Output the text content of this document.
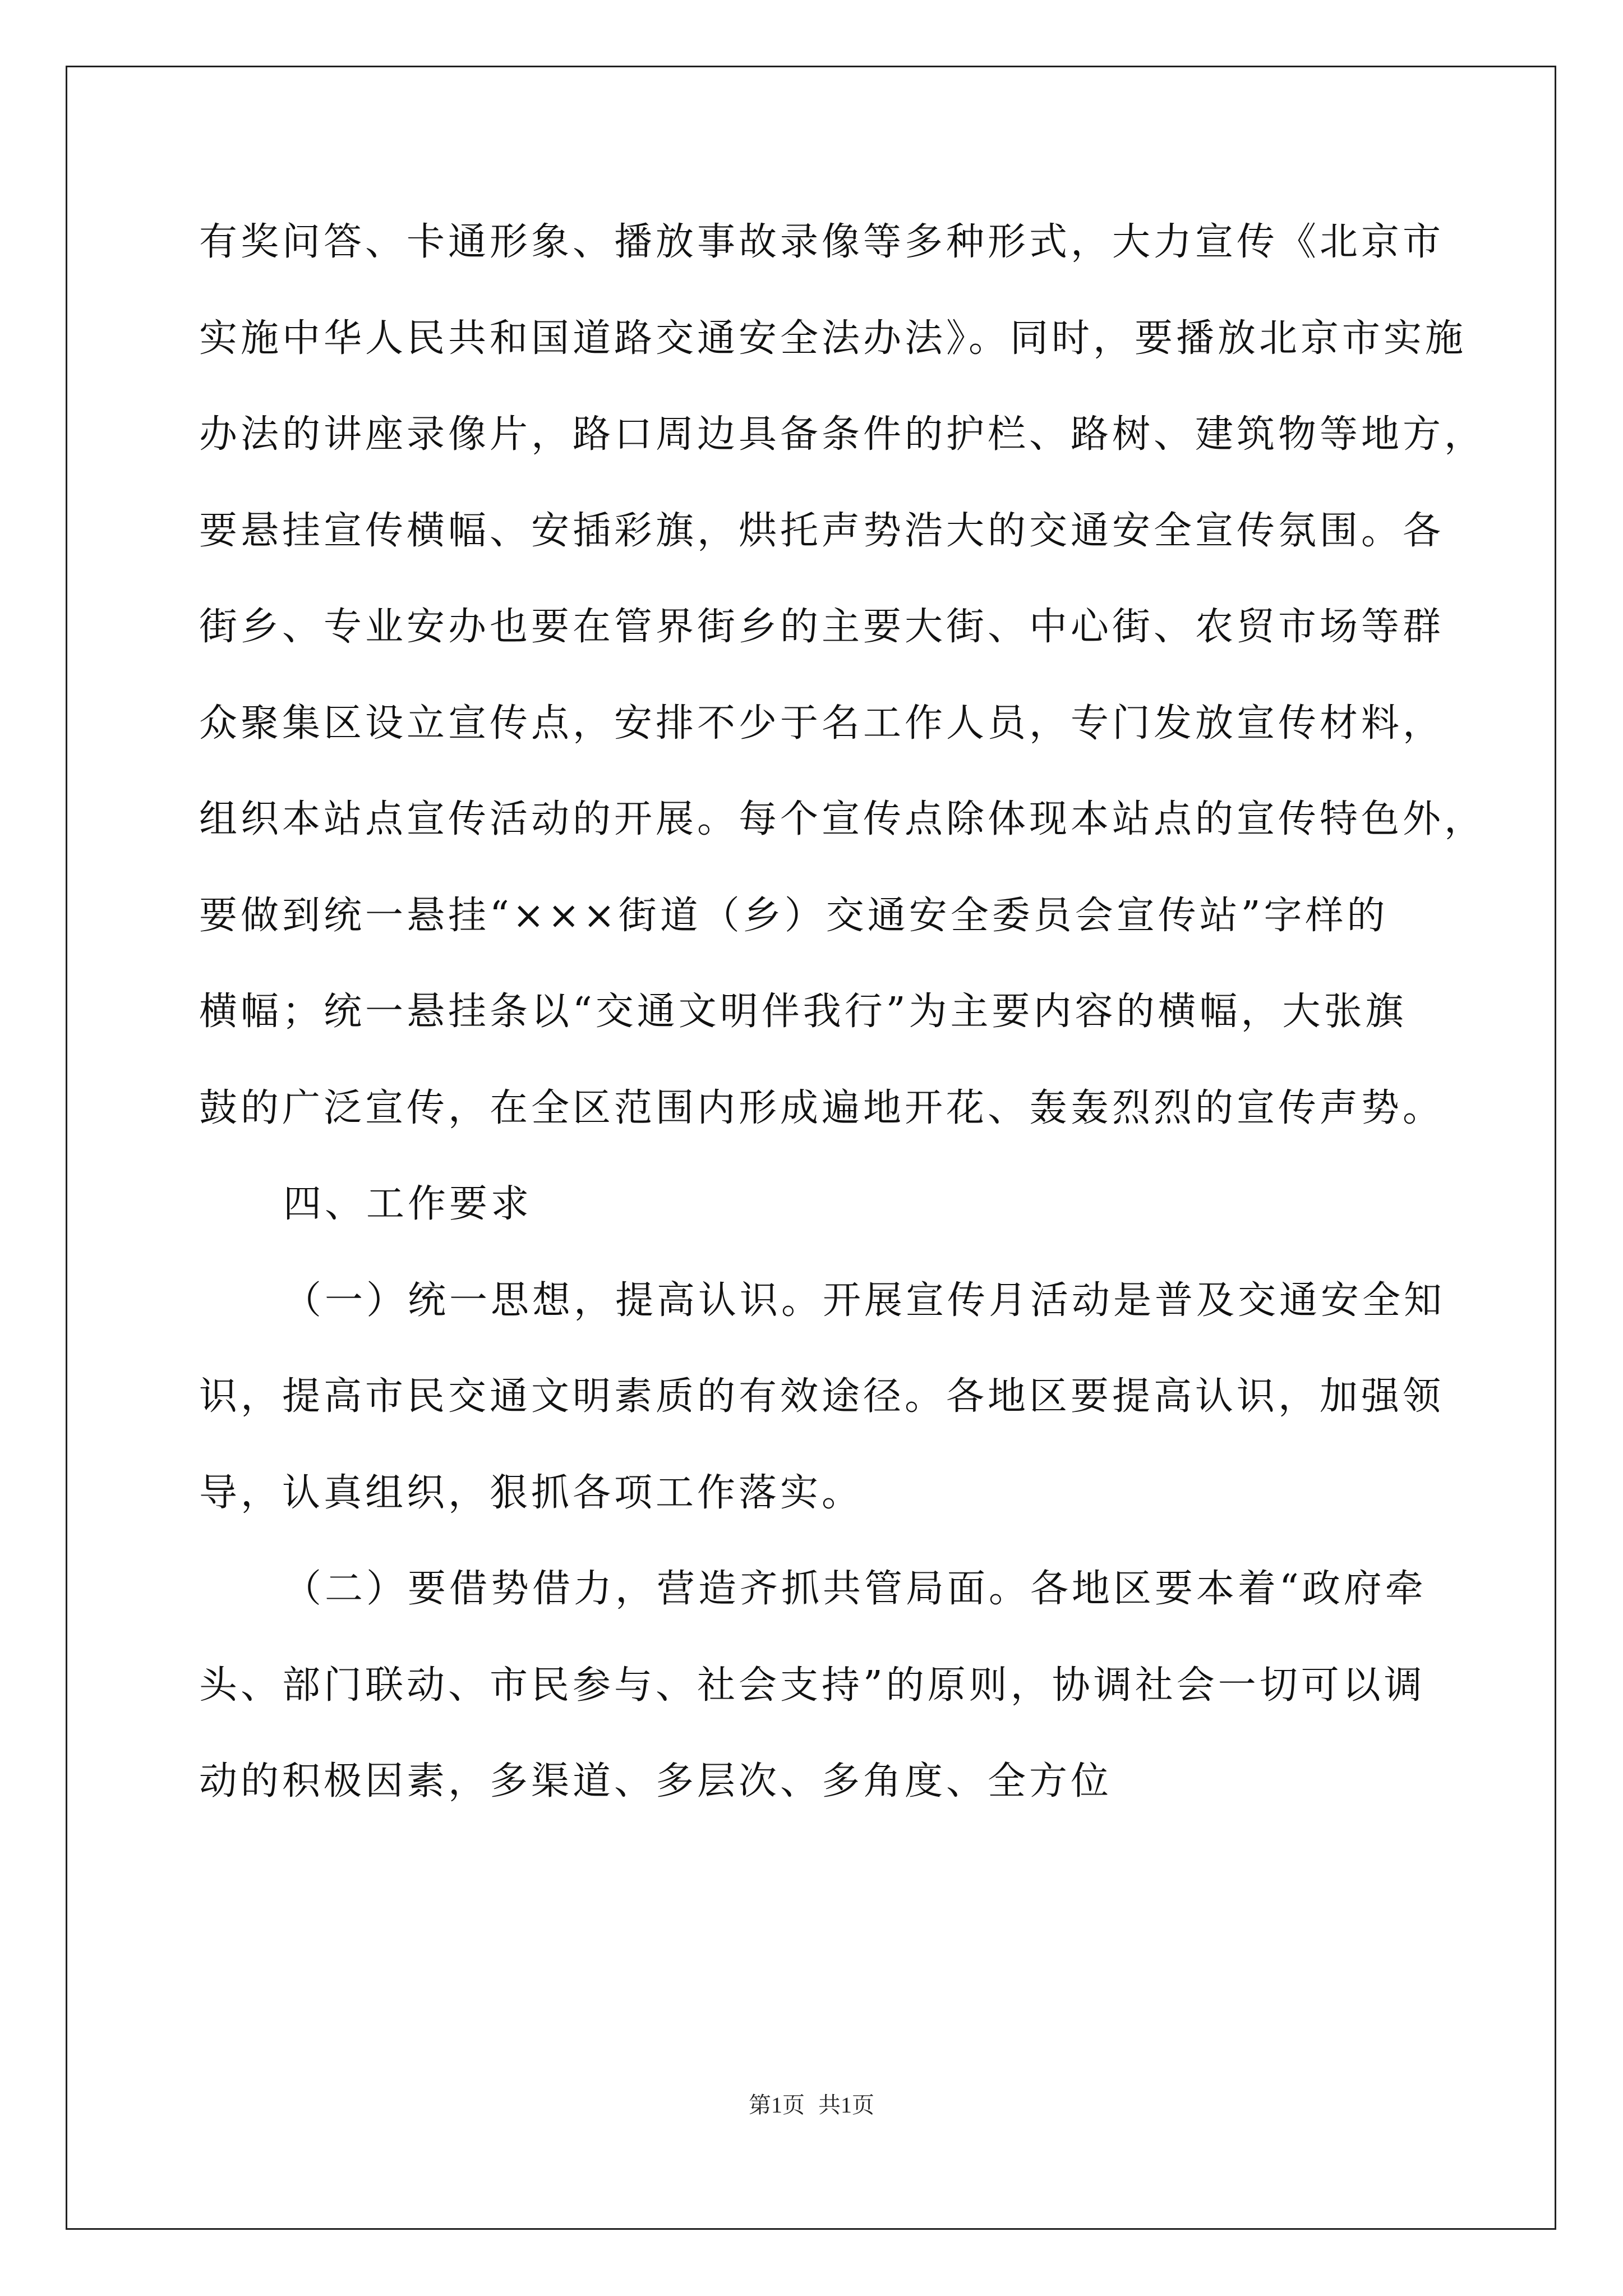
有奖问答、卡通形象、播放事故录像等多种形式，大力宣传《北京市
实施中华人民共和国道路交通安全法办法》。同时，要播放北京市实施
办法的讲座录像片，路口周边具备条件的护栏、路树、建筑物等地方，
要悬挂宣传横幅、安插彩旗，烘托声势浩大的交通安全宣传氛围。各
街乡、专业安办也要在管界街乡的主要大街、中心街、农贸市场等群
众聚集区设立宣传点，安排不少于名工作人员，专门发放宣传材料，
组织本站点宣传活动的开展。每个宣传点除体现本站点的宣传特色外，
要做到统一悬挂“×××街道（乡）交通安全委员会宣传站”字样的
横幅；统一悬挂条以“交通文明伴我行”为主要内容的横幅，大张旗
鼓的广泛宣传，在全区范围内形成遍地开花、轰轰烈烈的宣传声势。
四、工作要求
（一）统一思想，提高认识。开展宣传月活动是普及交通安全知
识，提高市民交通文明素质的有效途径。各地区要提高认识，加强领
导，认真组织，狠抓各项工作落实。
（二）要借势借力，营造齐抓共管局面。各地区要本着“政府牵
头、部门联动、市民参与、社会支持”的原则，协调社会一切可以调
动的积极因素，多渠道、多层次、多角度、全方位
第1页 共1页
